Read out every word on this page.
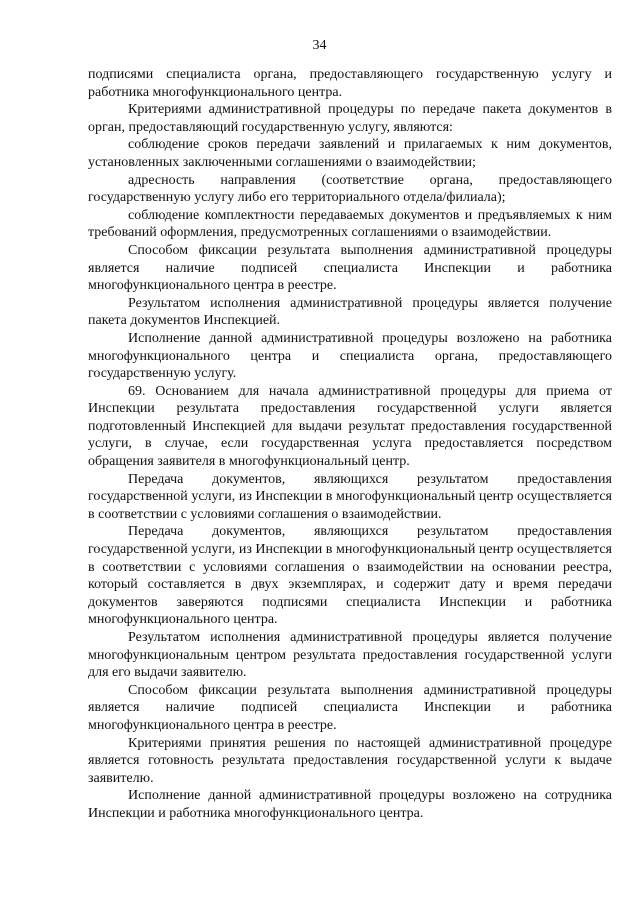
34

подписями специалиста органа, предоставляющего государственную услугу и работника многофункционального центра.

Критериями административной процедуры по передаче пакета документов в орган, предоставляющий государственную услугу, являются:

соблюдение сроков передачи заявлений и прилагаемых к ним документов, установленных заключенными соглашениями о взаимодействии;

адресность направления (соответствие органа, предоставляющего государственную услугу либо его территориального отдела/филиала);

соблюдение комплектности передаваемых документов и предъявляемых к ним требований оформления, предусмотренных соглашениями о взаимодействии.

Способом фиксации результата выполнения административной процедуры является наличие подписей специалиста Инспекции и работника многофункционального центра в реестре.

Результатом исполнения административной процедуры является получение пакета документов Инспекцией.

Исполнение данной административной процедуры возложено на работника многофункционального центра и специалиста органа, предоставляющего государственную услугу.

69. Основанием для начала административной процедуры для приема от Инспекции результата предоставления государственной услуги является подготовленный Инспекцией для выдачи результат предоставления государственной услуги, в случае, если государственная услуга предоставляется посредством обращения заявителя в многофункциональный центр.

Передача документов, являющихся результатом предоставления государственной услуги, из Инспекции в многофункциональный центр осуществляется в соответствии с условиями соглашения о взаимодействии.

Передача документов, являющихся результатом предоставления государственной услуги, из Инспекции в многофункциональный центр осуществляется в соответствии с условиями соглашения о взаимодействии на основании реестра, который составляется в двух экземплярах, и содержит дату и время передачи документов заверяются подписями специалиста Инспекции и работника многофункционального центра.

Результатом исполнения административной процедуры является получение многофункциональным центром результата предоставления государственной услуги для его выдачи заявителю.

Способом фиксации результата выполнения административной процедуры является наличие подписей специалиста Инспекции и работника многофункционального центра в реестре.

Критериями принятия решения по настоящей административной процедуре является готовность результата предоставления государственной услуги к выдаче заявителю.

Исполнение данной административной процедуры возложено на сотрудника Инспекции и работника многофункционального центра.
